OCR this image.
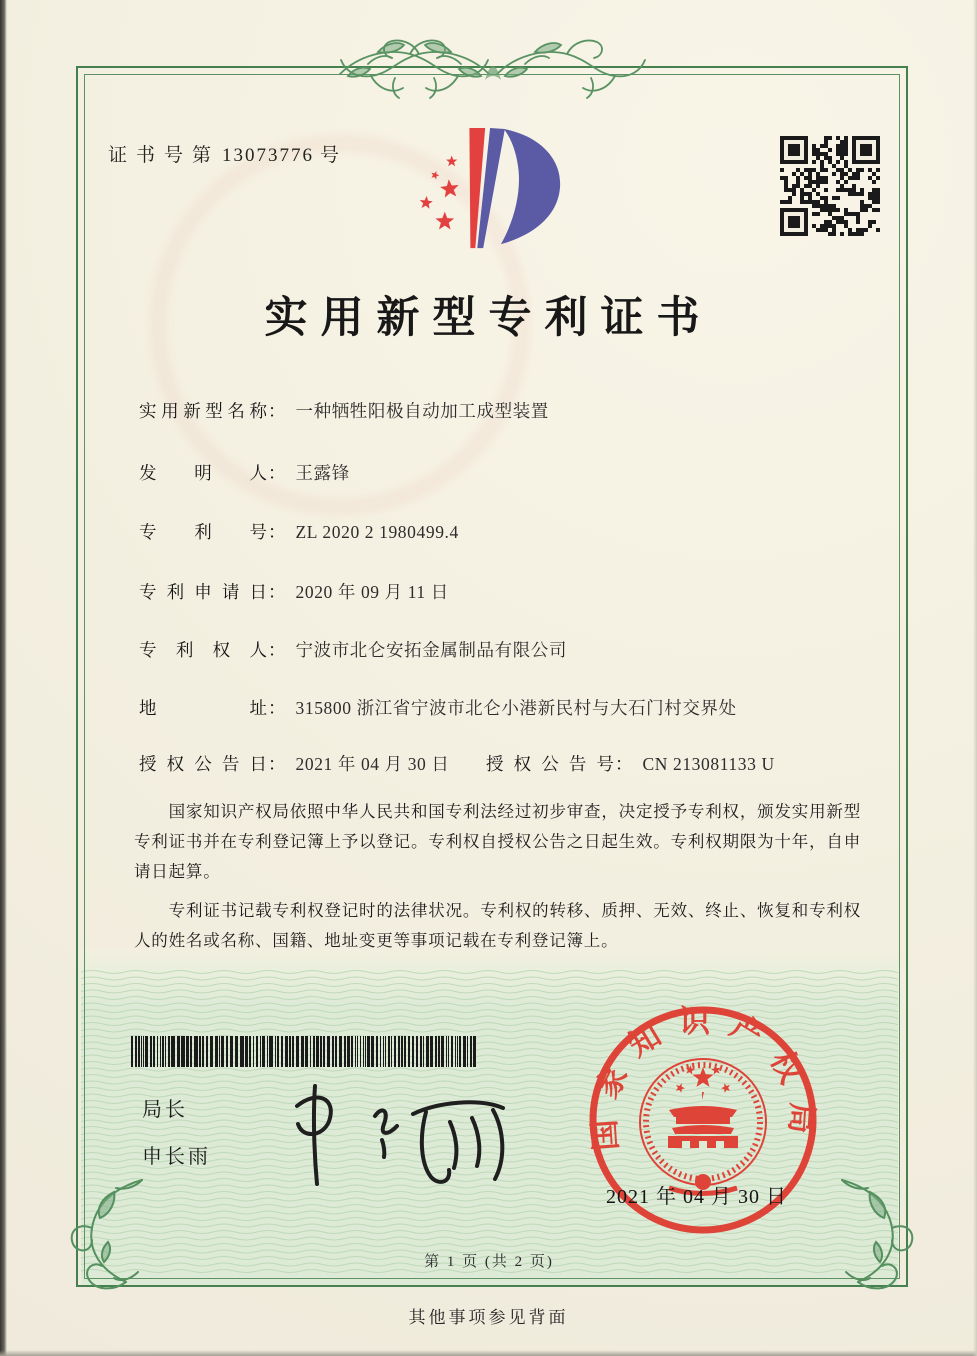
证书号第 13073776 号
实用新型专利证书
实用新型名称： 一种牺牲阳极自动加工成型装置
发明人： 王露锋
专利号： ZL 2020 2 1980499.4
专利申请日： 2020 年 09 月 11 日
专利权人： 宁波市北仑安拓金属制品有限公司
地址： 315800 浙江省宁波市北仑小港新民村与大石门村交界处
授权公告日： 2021 年 04 月 30 日 授权公告号： CN 213081133 U

国家知识产权局依照中华人民共和国专利法经过初步审查，决定授予专利权，颁发实用新型专利证书并在专利登记簿上予以登记。专利权自授权公告之日起生效。专利权期限为十年，自申请日起算。

专利证书记载专利权登记时的法律状况。专利权的转移、质押、无效、终止、恢复和专利权人的姓名或名称、国籍、地址变更等事项记载在专利登记簿上。

局长
申长雨
国家知识产权局
2021 年 04 月 30 日
第 1 页 (共 2 页)
其他事项参见背面
